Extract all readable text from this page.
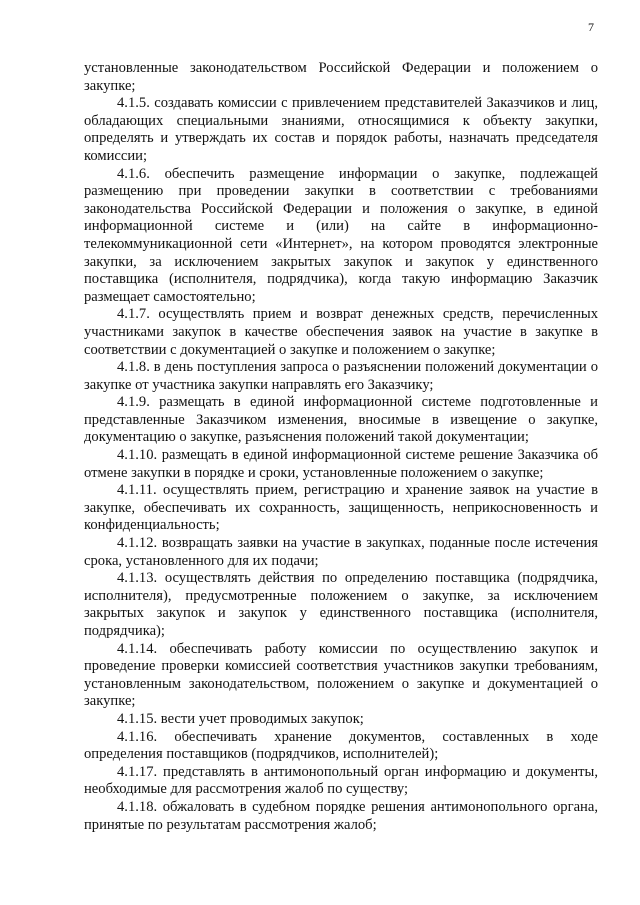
7

установленные законодательством Российской Федерации и положением о закупке;

4.1.5. создавать комиссии с привлечением представителей Заказчиков и лиц, обладающих специальными знаниями, относящимися к объекту закупки, определять и утверждать их состав и порядок работы, назначать председателя комиссии;

4.1.6. обеспечить размещение информации о закупке, подлежащей размещению при проведении закупки в соответствии с требованиями законодательства Российской Федерации и положения о закупке, в единой информационной системе и (или) на сайте в информационно-телекоммуникационной сети «Интернет», на котором проводятся электронные закупки, за исключением закрытых закупок и закупок у единственного поставщика (исполнителя, подрядчика), когда такую информацию Заказчик размещает самостоятельно;

4.1.7. осуществлять прием и возврат денежных средств, перечисленных участниками закупок в качестве обеспечения заявок на участие в закупке в соответствии с документацией о закупке и положением о закупке;

4.1.8. в день поступления запроса о разъяснении положений документации о закупке от участника закупки направлять его Заказчику;

4.1.9. размещать в единой информационной системе подготовленные и представленные Заказчиком изменения, вносимые в извещение о закупке, документацию о закупке, разъяснения положений такой документации;

4.1.10. размещать в единой информационной системе решение Заказчика об отмене закупки в порядке и сроки, установленные положением о закупке;

4.1.11. осуществлять прием, регистрацию и хранение заявок на участие в закупке, обеспечивать их сохранность, защищенность, неприкосновенность и конфиденциальность;

4.1.12. возвращать заявки на участие в закупках, поданные после истечения срока, установленного для их подачи;

4.1.13. осуществлять действия по определению поставщика (подрядчика, исполнителя), предусмотренные положением о закупке, за исключением закрытых закупок и закупок у единственного поставщика (исполнителя, подрядчика);

4.1.14. обеспечивать работу комиссии по осуществлению закупок и проведение проверки комиссией соответствия участников закупки требованиям, установленным законодательством, положением о закупке и документацией о закупке;

4.1.15. вести учет проводимых закупок;

4.1.16. обеспечивать хранение документов, составленных в ходе определения поставщиков (подрядчиков, исполнителей);

4.1.17. представлять в антимонопольный орган информацию и документы, необходимые для рассмотрения жалоб по существу;

4.1.18. обжаловать в судебном порядке решения антимонопольного органа, принятые по результатам рассмотрения жалоб;
